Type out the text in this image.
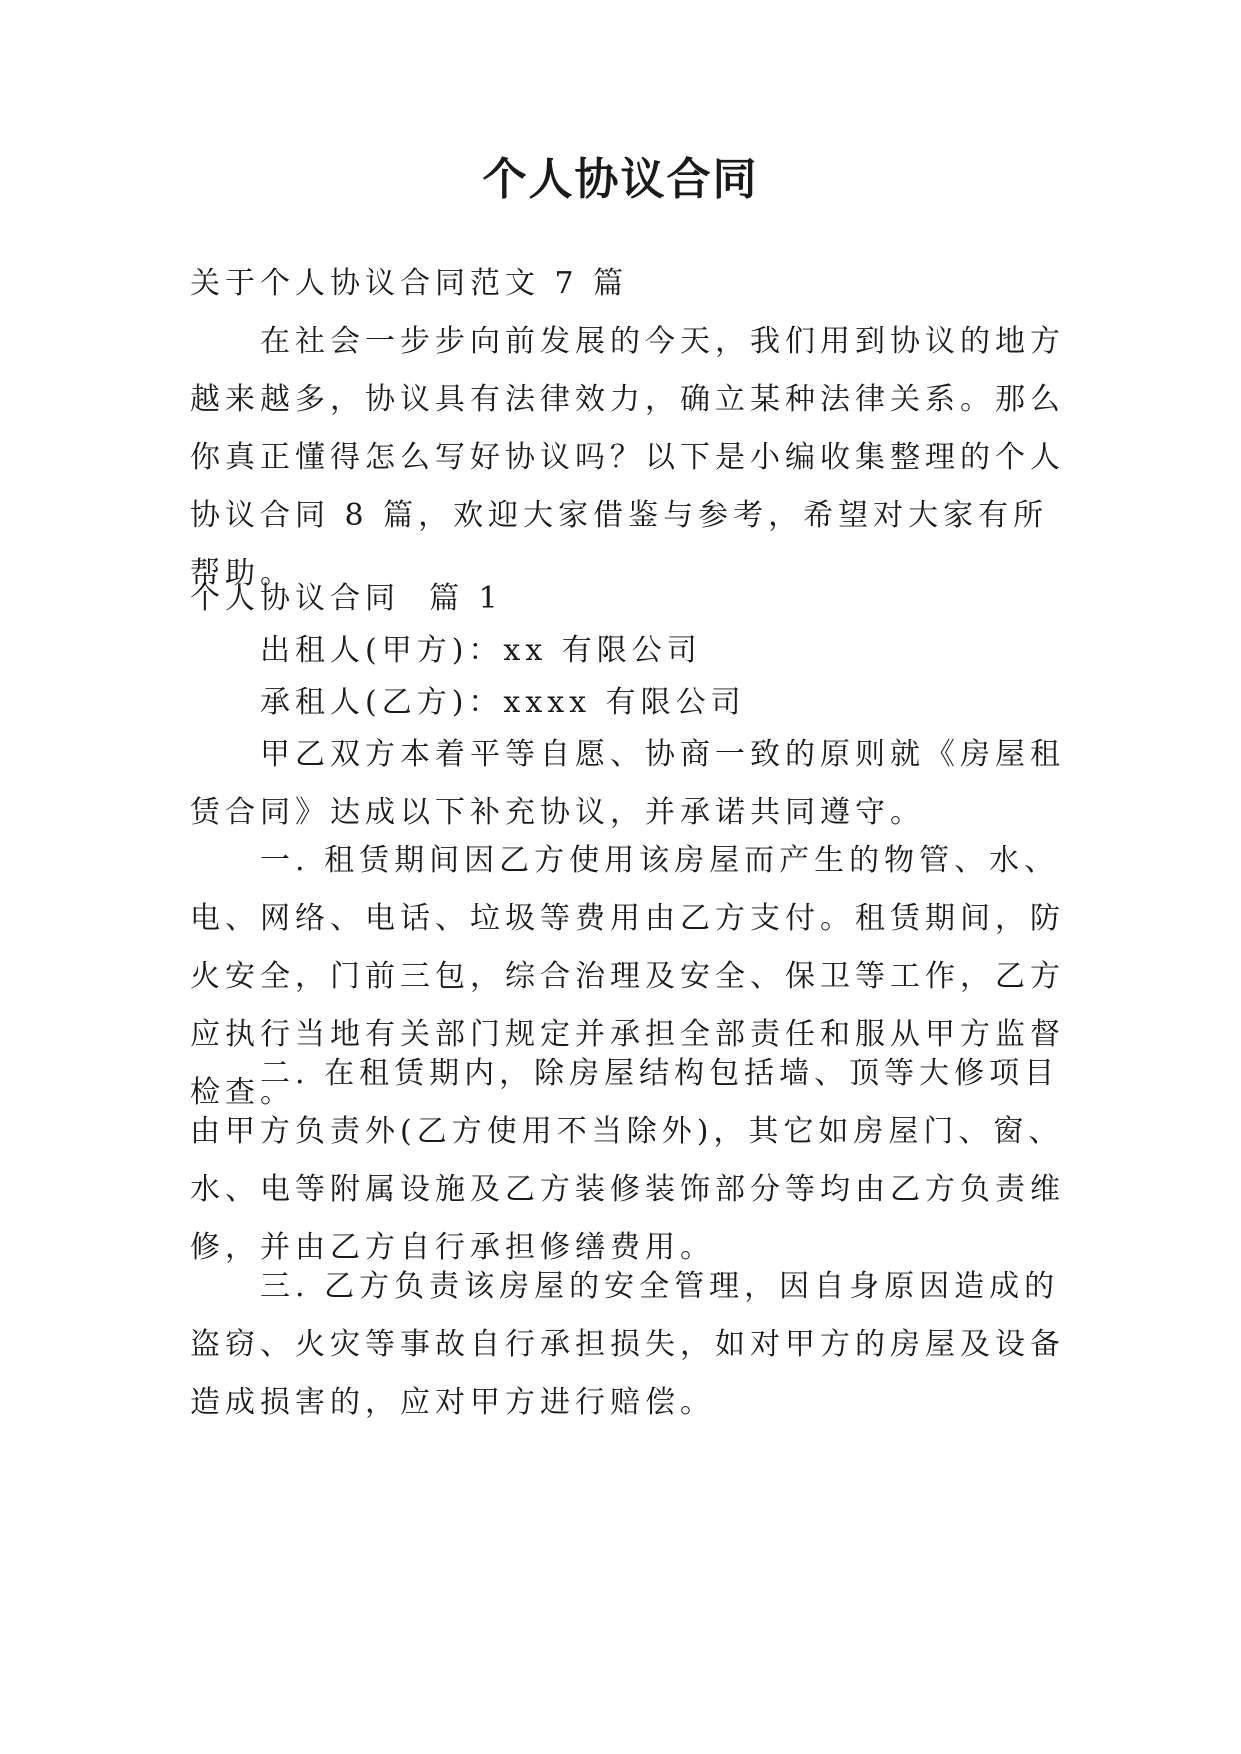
个人协议合同

关于个人协议合同范文 7 篇

在社会一步步向前发展的今天，我们用到协议的地方越来越多，协议具有法律效力，确立某种法律关系。那么你真正懂得怎么写好协议吗？以下是小编收集整理的个人协议合同 8 篇，欢迎大家借鉴与参考，希望对大家有所帮助。

个人协议合同  篇 1

出租人(甲方)：xx 有限公司

承租人(乙方)：xxxx 有限公司

甲乙双方本着平等自愿、协商一致的原则就《房屋租赁合同》达成以下补充协议，并承诺共同遵守。

一. 租赁期间因乙方使用该房屋而产生的物管、水、电、网络、电话、垃圾等费用由乙方支付。租赁期间，防火安全，门前三包，综合治理及安全、保卫等工作，乙方应执行当地有关部门规定并承担全部责任和服从甲方监督检查。

二. 在租赁期内，除房屋结构包括墙、顶等大修项目由甲方负责外(乙方使用不当除外)，其它如房屋门、窗、水、电等附属设施及乙方装修装饰部分等均由乙方负责维修，并由乙方自行承担修缮费用。

三. 乙方负责该房屋的安全管理，因自身原因造成的盗窃、火灾等事故自行承担损失，如对甲方的房屋及设备造成损害的，应对甲方进行赔偿。
